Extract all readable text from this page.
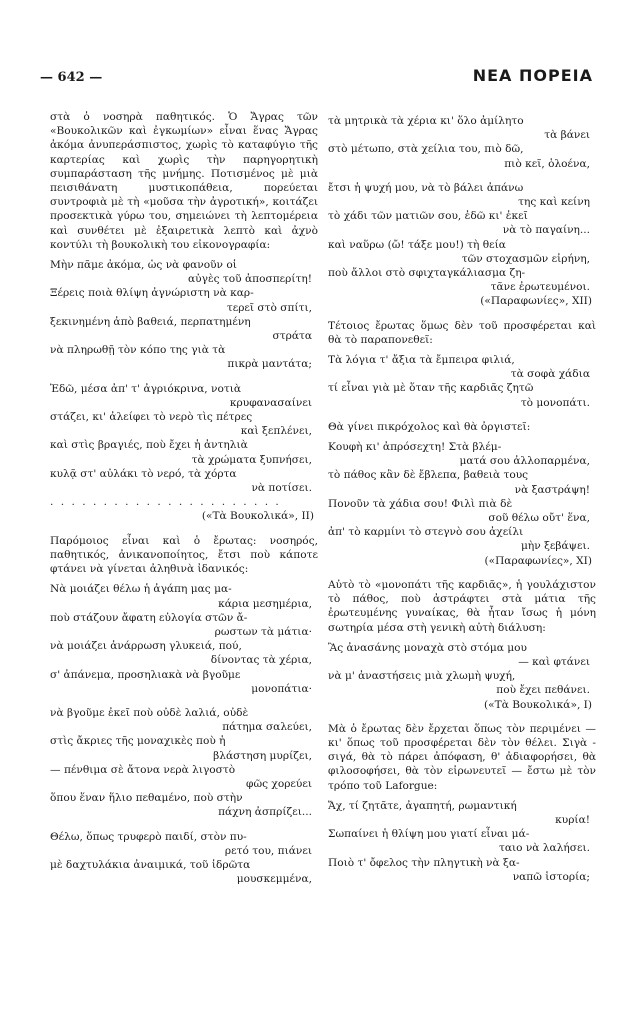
— 642 —	ΝΕΑ ΠΟΡΕΙΑ

στὰ ὁ νοσηρὰ παθητικός. Ὁ Ἄγρας τῶν «Βουκολικῶν καὶ ἐγκωμίων» εἶναι ἕνας Ἄγρας ἀκόμα ἀνυπεράσπιστος, χωρὶς τὸ καταφύγιο τῆς καρτερίας καὶ χωρὶς τὴν παρηγορητικὴ συμπαράσταση τῆς μνήμης. Ποτισμένος μὲ μιὰ πεισιθάνατη μυστικοπάθεια, πορεύεται συντροφιὰ μὲ τὴ «μοῦσα τὴν ἀγροτική», κοιτάζει προσεκτικὰ γύρω του, σημειώνει τὴ λεπτομέρεια καὶ συνθέτει μὲ ἐξαιρετικὰ λεπτὸ καὶ ἀχνὸ κοντύλι τὴ βουκολικὴ του εἰκονογραφία:

Μὴν πᾶμε ἀκόμα, ὡς νὰ φανοῦν οἱ
αὐγὲς τοῦ ἀποσπερίτη!
Ξέρεις ποιὰ θλίψη ἀγνώριστη νὰ καρ-
τερεῖ στὸ σπίτι,
ξεκινημένη ἀπὸ βαθειά, περπατημένη
στράτα
νὰ πληρωθῇ τὸν κόπο της γιὰ τὰ
πικρὰ μαντάτα;
Ἐδῶ, μέσα ἀπ' τ' ἀγριόκρινα, νοτιὰ
κρυφανασαίνει
στάζει, κι' ἀλείφει τὸ νερὸ τὶς πέτρες
καὶ ξεπλένει,
καὶ στὶς βραγιές, ποὺ ἔχει ἡ ἀντηλιὰ
τὰ χρώματα ξυπνήσει,
κυλᾷ στ' αὐλάκι τὸ νερό, τὰ χόρτα
νὰ ποτίσει.
. . . . . . . . . . . . . . . . . . . . . .
(«Τὰ Βουκολικά», ΙΙ)

Παρόμοιος εἶναι καὶ ὁ ἔρωτας: νοσηρός, παθητικός, ἀνικανοποίητος, ἔτσι ποὺ κάποτε φτάνει νὰ γίνεται ἀληθινὰ ἰδανικός:

Νὰ μοιάζει θέλω ἡ ἀγάπη μας μα-
κάρια μεσημέρια,
ποὺ στάζουν ἄφατη εὐλογία στῶν ἄ-
ρωστων τὰ μάτια·
νὰ μοιάζει ἀνάρρωση γλυκειά, πού,
δίνοντας τὰ χέρια,
σ' ἀπάνεμα, προσηλιακὰ νὰ βγοῦμε
μονοπάτια·
νὰ βγοῦμε ἐκεῖ ποὺ οὐδὲ λαλιά, οὐδὲ
πάτημα σαλεύει,
στὶς ἄκριες τῆς μοναχικὲς ποὺ ἡ
βλάστηση μυρίζει,
— πένθιμα σὲ ἄτονα νερὰ λιγοστὸ
φῶς χορεύει
ὅπου ἕναν ἥλιο πεθαμένο, ποὺ στὴν
πάχνη ἀσπρίζει...
Θέλω, ὅπως τρυφερὸ παιδί, στὸν πυ-
ρετό του, πιάνει
μὲ δαχτυλάκια ἀναιμικά, τοῦ ἱδρῶτα
μουσκεμμένα,
τὰ μητρικὰ τὰ χέρια κι' ὅλο ἀμίλητο
τὰ βάνει
στὸ μέτωπο, στὰ χείλια του, πιὸ δῶ,
πιὸ κεῖ, ὁλοένα,
ἔτσι ἡ ψυχή μου, νὰ τὸ βάλει ἀπάνω
της καὶ κείνη
τὸ χάδι τῶν ματιῶν σου, ἐδῶ κι' ἐκεῖ
νὰ τὸ παγαίνη...
καὶ ναὕρω (ὤ! τάξε μου!) τὴ θεία
τῶν στοχασμῶν εἰρήνη,
ποὺ ἄλλοι στὸ σφιχταγκάλιασμα ζη-
τᾶνε ἐρωτευμένοι.
(«Παραφωνίες», ΧΙΙ)

Τέτοιος ἔρωτας ὅμως δὲν τοῦ προσφέρεται καὶ θὰ τὸ παραπονεθεῖ:

Τὰ λόγια τ' ἄξια τὰ ἔμπειρα φιλιά,
τὰ σοφὰ χάδια
τί εἶναι γιὰ μὲ ὅταν τῆς καρδιᾶς ζητῶ
τὸ μονοπάτι.

Θὰ γίνει πικρόχολος καὶ θὰ ὀργιστεῖ:

Κουφὴ κι' ἀπρόσεχτη! Στὰ βλέμ-
ματά σου ἀλλοπαρμένα,
τὸ πάθος κἂν δὲ ἔβλεπα, βαθειὰ τους
νὰ ξαστράψη!
Πονοῦν τὰ χάδια σου! Φιλὶ πιὰ δὲ
σοῦ θέλω οὔτ' ἕνα,
ἀπ' τὸ καρμίνι τὸ στεγνὸ σου ἀχείλι
μὴν ξεβάψει.
(«Παραφωνίες», ΧΙ)

Αὐτὸ τὸ «μονοπάτι τῆς καρδιᾶς», ἡ γουλάχιστον τὸ πάθος, ποὺ ἀστράφτει στὰ μάτια τῆς ἐρωτευμένης γυναίκας, θὰ ἦταν ἴσως ἡ μόνη σωτηρία μέσα στὴ γενικὴ αὐτὴ διάλυση:

Ἂς ἀνασάνης μοναχὰ στὸ στόμα μου
— καὶ φτάνει
νὰ μ' ἀναστήσεις μιὰ χλωμὴ ψυχή,
ποὺ ἔχει πεθάνει.
(«Τὰ Βουκολικά», Ι)

Μὰ ὁ ἔρωτας δὲν ἔρχεται ὅπως τὸν περιμένει — κι' ὅπως τοῦ προσφέρεται δὲν τὸν θέλει. Σιγὰ - σιγά, θὰ τὸ πάρει ἀπόφαση, θ' ἀδιαφορήσει, θὰ φιλοσοφήσει, θὰ τὸν εἰρωνευτεῖ — ἔστω μὲ τὸν τρόπο τοῦ Laforgue:

Ἄχ, τί ζητᾶτε, ἀγαπητή, ρωμαντική
κυρία!
Σωπαίνει ἡ θλίψη μου γιατί εἶναι μά-
ταιο νὰ λαλήσει.
Ποιὸ τ' ὄφελος τὴν πληγτικὴ νὰ ξα-
ναπῶ ἱστορία;
